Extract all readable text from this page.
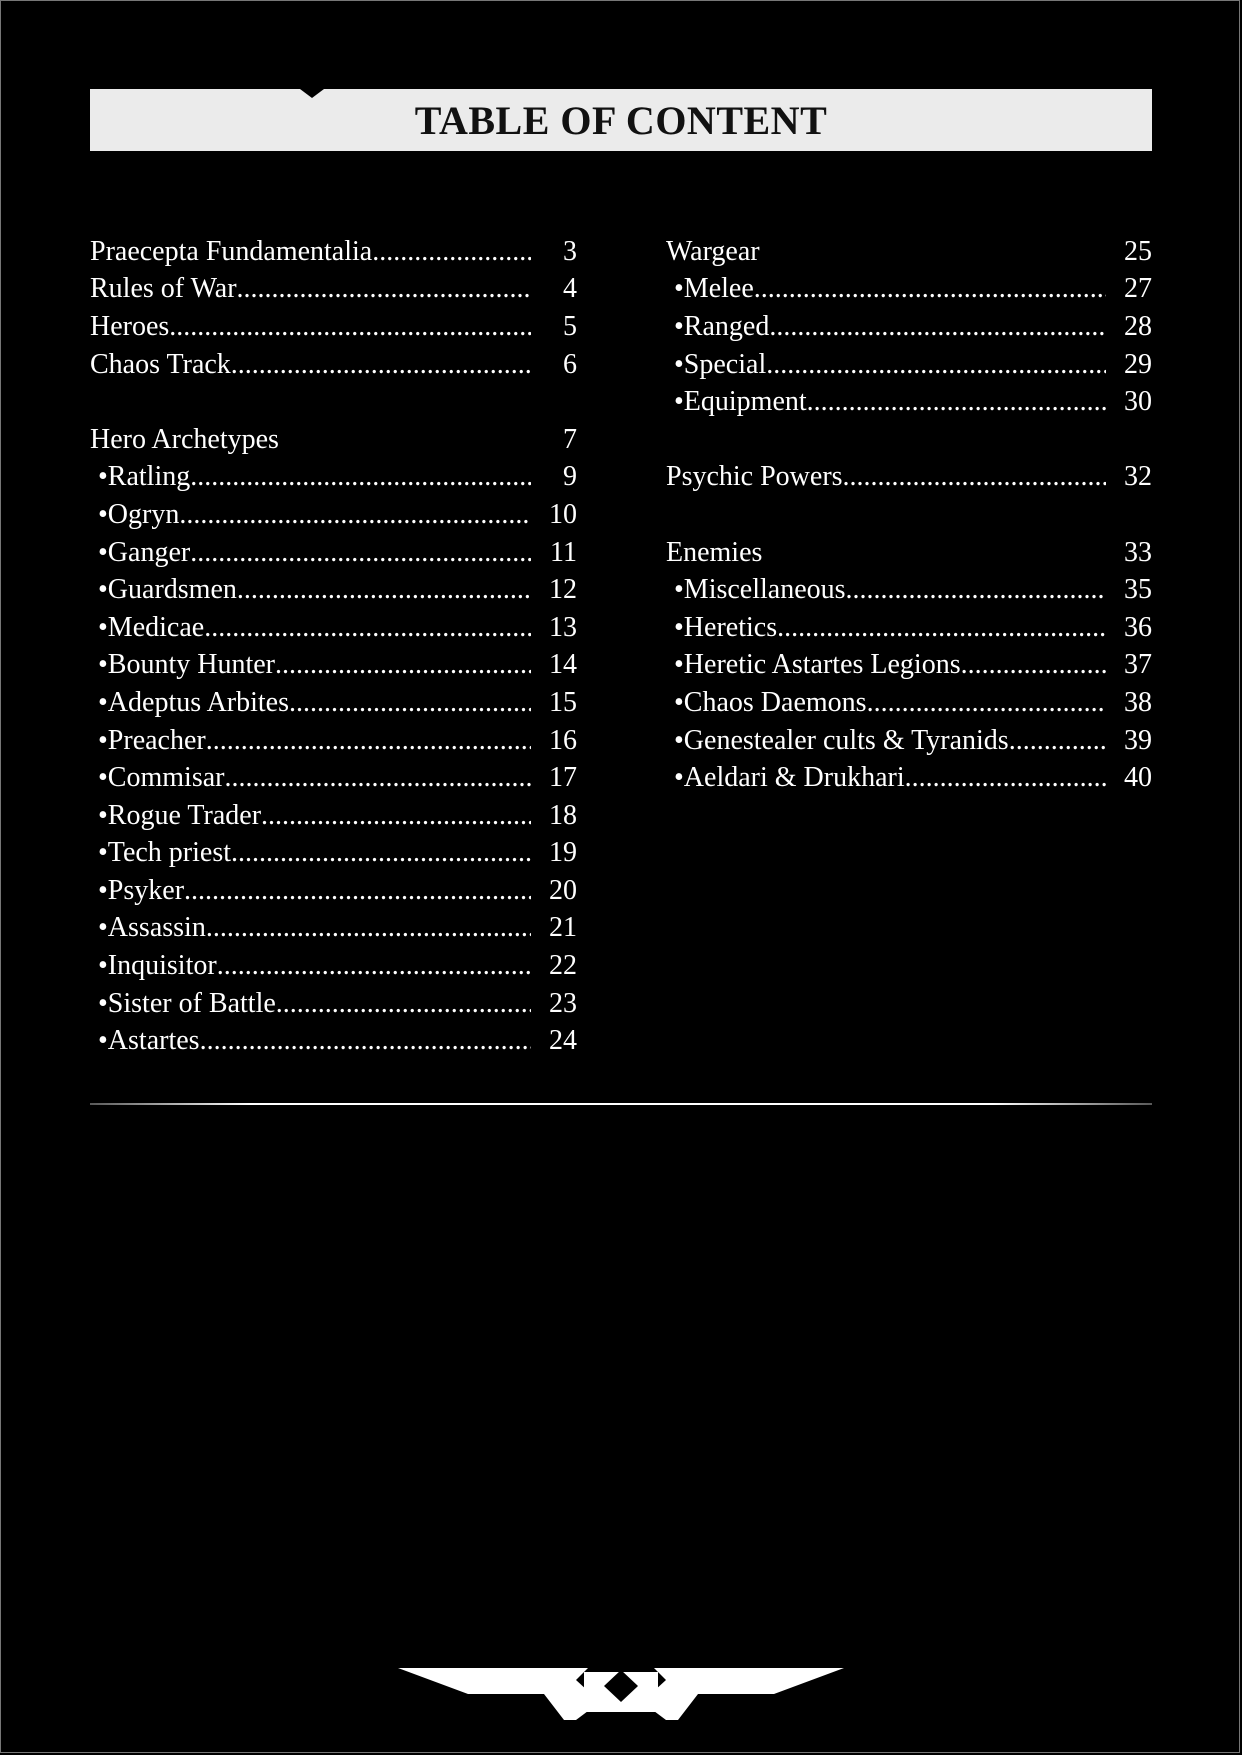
TABLE OF CONTENT
Praecepta Fundamentalia .....	3
Rules of War .....	4
Heroes .....	5
Chaos Track .....	6
Hero Archetypes	7
•Ratling .....	9
•Ogryn .....	10
•Ganger .....	11
•Guardsmen .....	12
•Medicae .....	13
•Bounty Hunter .....	14
•Adeptus Arbites .....	15
•Preacher .....	16
•Commisar .....	17
•Rogue Trader .....	18
•Tech priest .....	19
•Psyker .....	20
•Assassin .....	21
•Inquisitor .....	22
•Sister of Battle .....	23
•Astartes .....	24
Wargear	25
•Melee .....	27
•Ranged .....	28
•Special .....	29
•Equipment .....	30
Psychic Powers .....	32
Enemies	33
•Miscellaneous .....	35
•Heretics .....	36
•Heretic Astartes Legions .....	37
•Chaos Daemons .....	38
•Genestealer cults & Tyranids .....	39
•Aeldari & Drukhari .....	40
2
